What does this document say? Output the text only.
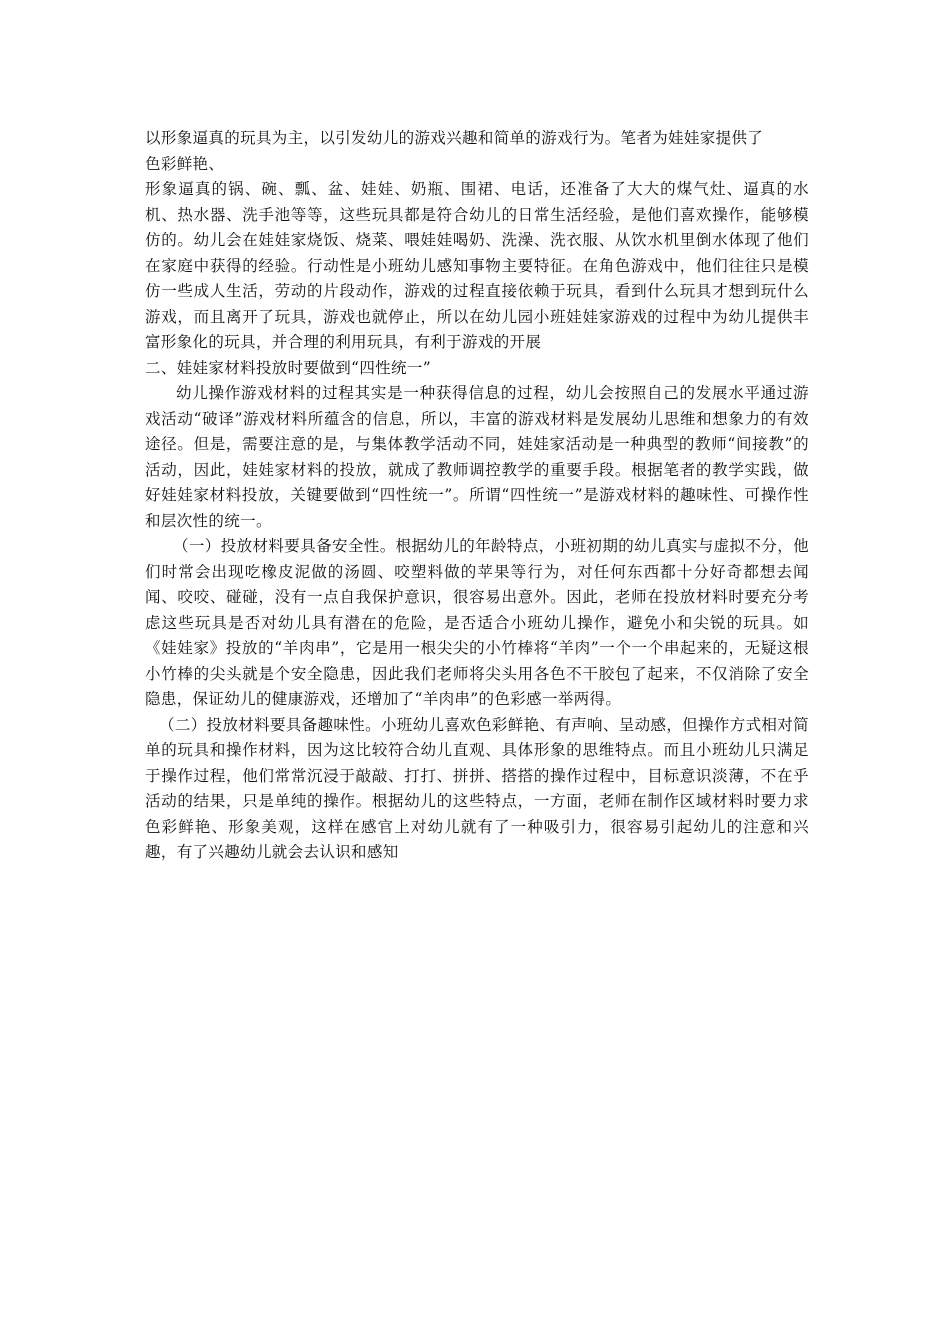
以形象逼真的玩具为主，以引发幼儿的游戏兴趣和简单的游戏行为。笔者为娃娃家提供了

色彩鲜艳、

形象逼真的锅、碗、瓢、盆、娃娃、奶瓶、围裙、电话，还准备了大大的煤气灶、逼真的水机、热水器、洗手池等等，这些玩具都是符合幼儿的日常生活经验，是他们喜欢操作，能够模仿的。幼儿会在娃娃家烧饭、烧菜、喂娃娃喝奶、洗澡、洗衣服、从饮水机里倒水体现了他们在家庭中获得的经验。行动性是小班幼儿感知事物主要特征。在角色游戏中，他们往往只是模仿一些成人生活，劳动的片段动作，游戏的过程直接依赖于玩具，看到什么玩具才想到玩什么游戏，而且离开了玩具，游戏也就停止，所以在幼儿园小班娃娃家游戏的过程中为幼儿提供丰富形象化的玩具，并合理的利用玩具，有利于游戏的开展

二、娃娃家材料投放时要做到“四性统一”

幼儿操作游戏材料的过程其实是一种获得信息的过程，幼儿会按照自己的发展水平通过游戏活动“破译”游戏材料所蕴含的信息，所以，丰富的游戏材料是发展幼儿思维和想象力的有效途径。但是，需要注意的是，与集体教学活动不同，娃娃家活动是一种典型的教师“间接教”的活动，因此，娃娃家材料的投放，就成了教师调控教学的重要手段。根据笔者的教学实践，做好娃娃家材料投放，关键要做到“四性统一”。所谓“四性统一”是游戏材料的趣味性、可操作性和层次性的统一。

（一）投放材料要具备安全性。根据幼儿的年龄特点，小班初期的幼儿真实与虚拟不分，他们时常会出现吃橡皮泥做的汤圆、咬塑料做的苹果等行为，对任何东西都十分好奇都想去闻闻、咬咬、碰碰，没有一点自我保护意识，很容易出意外。因此，老师在投放材料时要充分考虑这些玩具是否对幼儿具有潜在的危险，是否适合小班幼儿操作，避免小和尖锐的玩具。如《娃娃家》投放的“羊肉串”，它是用一根尖尖的小竹棒将“羊肉”一个一个串起来的，无疑这根小竹棒的尖头就是个安全隐患，因此我们老师将尖头用各色不干胶包了起来，不仅消除了安全隐患，保证幼儿的健康游戏，还增加了“羊肉串”的色彩感一举两得。

（二）投放材料要具备趣味性。小班幼儿喜欢色彩鲜艳、有声响、呈动感，但操作方式相对简单的玩具和操作材料，因为这比较符合幼儿直观、具体形象的思维特点。而且小班幼儿只满足于操作过程，他们常常沉浸于敲敲、打打、拼拼、搭搭的操作过程中，目标意识淡薄，不在乎活动的结果，只是单纯的操作。根据幼儿的这些特点，一方面，老师在制作区域材料时要力求色彩鲜艳、形象美观，这样在感官上对幼儿就有了一种吸引力，很容易引起幼儿的注意和兴趣，有了兴趣幼儿就会去认识和感知
